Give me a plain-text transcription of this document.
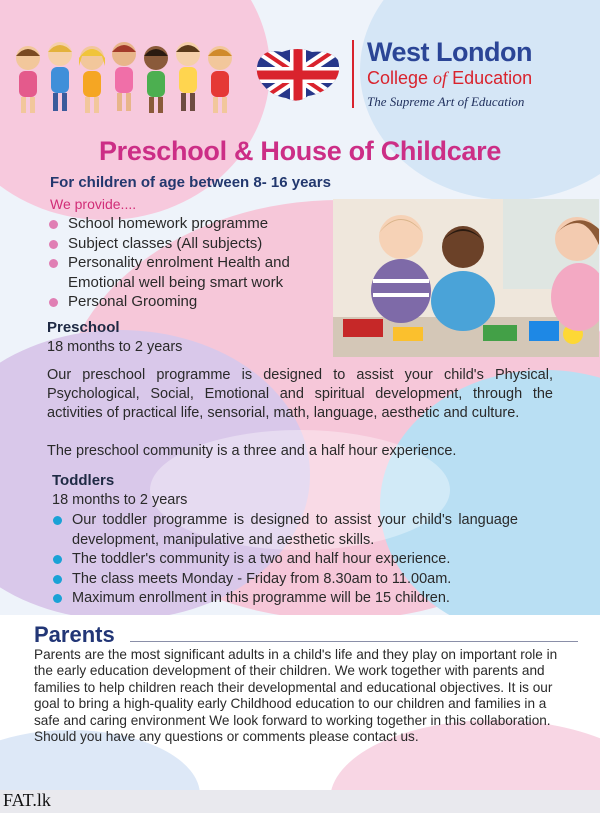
West London
College of Education
The Supreme Art of Education
Preschool & House of Childcare
For children of age between 8- 16 years
We provide....
School homework programme
Subject classes (All subjects)
Personality enrolment Health and Emotional well being smart work
Personal Grooming
Preschool
18 months to 2 years
Our preschool programme is designed to assist your child's Physical, Psychological, Social, Emotional and spiritual development, through the activities of practical life, sensorial, math, language, aesthetic and culture.
The preschool community is a three and a half hour experience.
Toddlers
18 months to 2 years
Our toddler programme is designed to assist your child's language development, manipulative and aesthetic skills.
The toddler's community is a two and half hour experience.
The class meets Monday - Friday from 8.30am to 11.00am.
Maximum enrollment in this programme will be 15 children.
Parents
Parents are the most significant adults in a child's life and they play on important role in the early education development of their children. We work together with parents and families to help children reach their developmental and educational objectives. It is our goal to bring a high-quality early Childhood education to our children and families in a safe and caring environment We look forward to working together in this collaboration. Should you have any questions or comments please contact us.
FAT.lk
